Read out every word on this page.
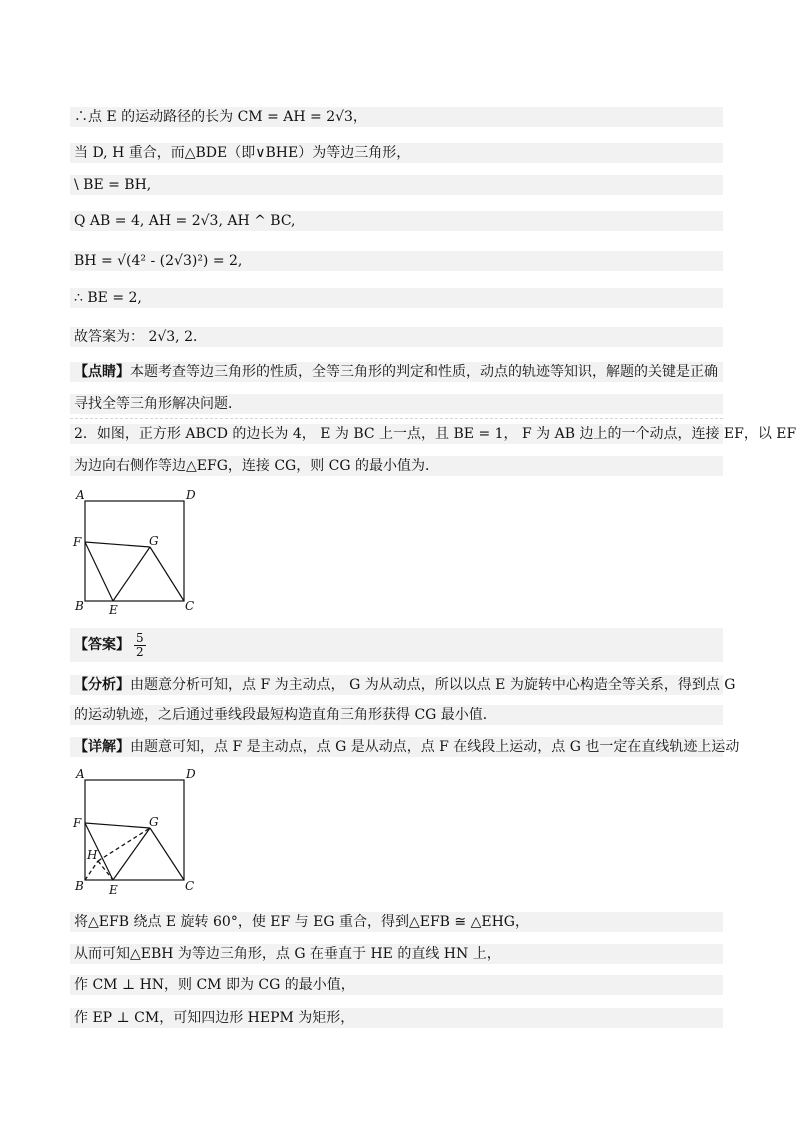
∴点 E 的运动路径的长为 CM = AH = 2√3，
当 D, H 重合，而△BDE（即∨BHE）为等边三角形，
\ BE = BH,
Q AB = 4, AH = 2√3, AH ^ BC,
BH = √(4² - (2√3)²) = 2,
∴ BE = 2,
故答案为： 2√3, 2．
【点睛】本题考查等边三角形的性质，全等三角形的判定和性质，动点的轨迹等知识，解题的关键是正确
寻找全等三角形解决问题．
2．如图，正方形 ABCD 的边长为 4， E 为 BC 上一点，且 BE = 1， F 为 AB 边上的一个动点，连接 EF，以 EF
为边向右侧作等边△EFG，连接 CG，则 CG 的最小值为．
A	D
F	G
B E	C
【答案】 $\frac{5}{2}$
【分析】由题意分析可知，点 F 为主动点， G 为从动点，所以以点 E 为旋转中心构造全等关系，得到点 G
的运动轨迹，之后通过垂线段最短构造直角三角形获得 CG 最小值．
【详解】由题意可知，点 F 是主动点，点 G 是从动点，点 F 在线段上运动，点 G 也一定在直线轨迹上运动
A	D
F	G
H
B E	C
将△EFB 绕点 E 旋转 60°，使 EF 与 EG 重合，得到△EFB ≅ △EHG，
从而可知△EBH 为等边三角形，点 G 在垂直于 HE 的直线 HN 上，
作 CM ⊥ HN，则 CM 即为 CG 的最小值，
作 EP ⊥ CM，可知四边形 HEPM 为矩形，
